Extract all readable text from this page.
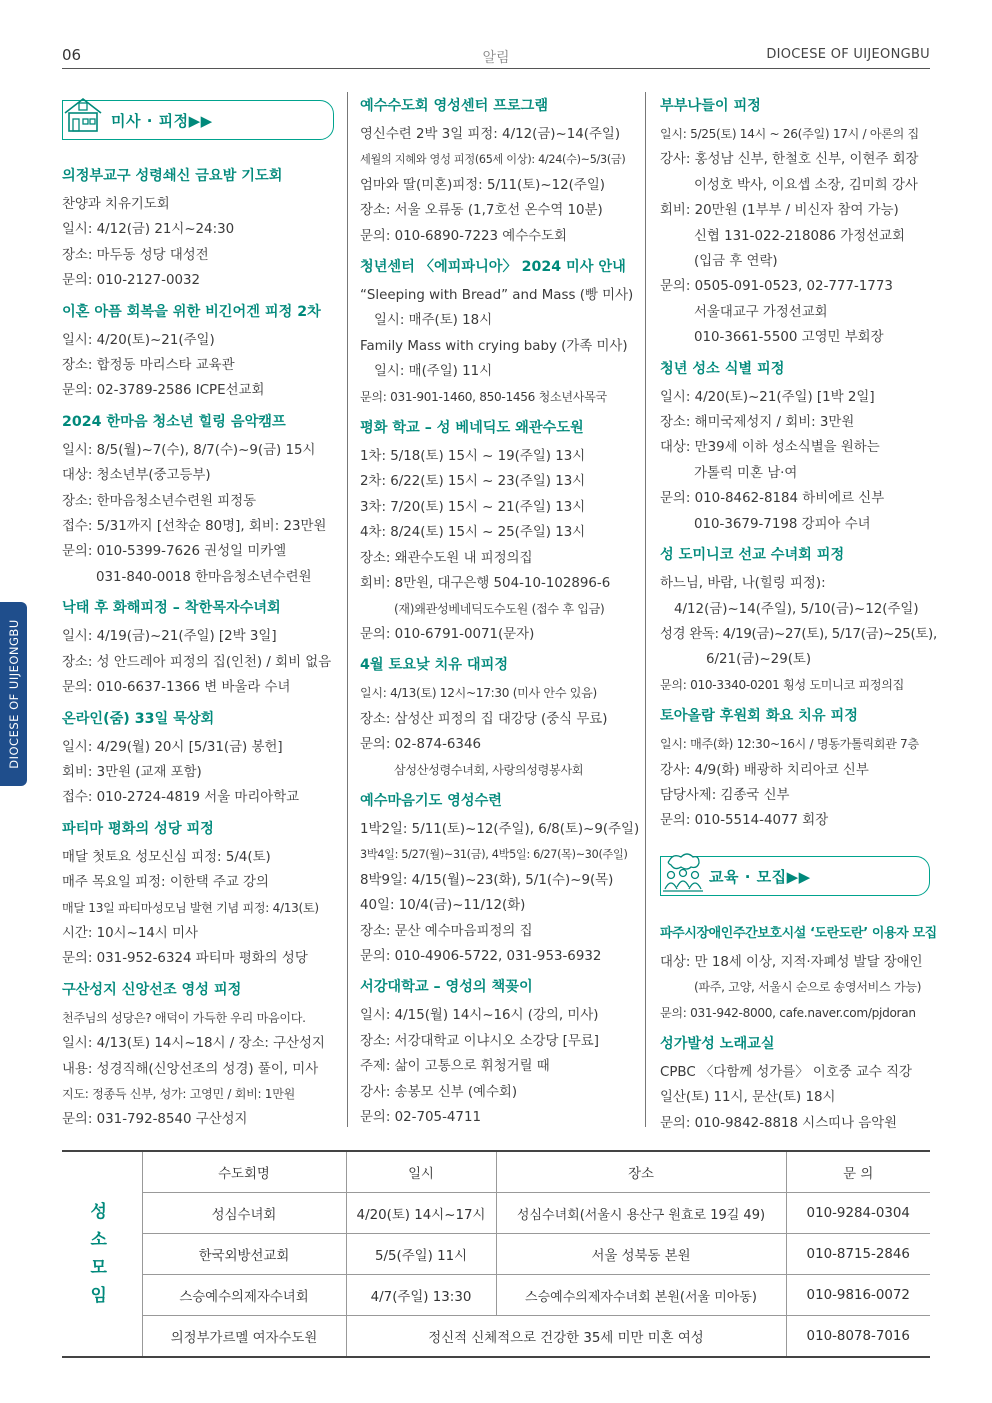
06	알림	DIOCESE OF UIJEONGBU
DIOCESE OF UIJEONGBU
미사 · 피정▶▶
의정부교구 성령쇄신 금요밤 기도회
찬양과 치유기도회
일시: 4/12(금) 21시~24:30
장소: 마두동 성당 대성전
문의: 010-2127-0032
이혼 아픔 회복을 위한 비긴어겐 피정 2차
일시: 4/20(토)~21(주일)
장소: 합정동 마리스타 교육관
문의: 02-3789-2586 ICPE선교회
2024 한마음 청소년 힐링 음악캠프
일시: 8/5(월)~7(수), 8/7(수)~9(금) 15시
대상: 청소년부(중고등부)
장소: 한마음청소년수련원 피정동
접수: 5/31까지 [선착순 80명], 회비: 23만원
문의: 010-5399-7626 권성일 미카엘
031-840-0018 한마음청소년수련원
낙태 후 화해피정 – 착한목자수녀회
일시: 4/19(금)~21(주일) [2박 3일]
장소: 성 안드레아 피정의 집(인천) / 회비 없음
문의: 010-6637-1366 변 바울라 수녀
온라인(줌) 33일 묵상회
일시: 4/29(월) 20시 [5/31(금) 봉헌]
회비: 3만원 (교재 포함)
접수: 010-2724-4819 서울 마리아학교
파티마 평화의 성당 피정
매달 첫토요 성모신심 피정: 5/4(토)
매주 목요일 피정: 이한택 주교 강의
매달 13일 파티마성모님 발현 기념 피정: 4/13(토)
시간: 10시~14시 미사
문의: 031-952-6324 파티마 평화의 성당
구산성지 신앙선조 영성 피정
천주님의 성당은? 애덕이 가득한 우리 마음이다.
일시: 4/13(토) 14시~18시 / 장소: 구산성지
내용: 성경직해(신앙선조의 성경) 풀이, 미사
지도: 정종득 신부, 성가: 고영민 / 회비: 1만원
문의: 031-792-8540 구산성지
예수수도회 영성센터 프로그램
영신수련 2박 3일 피정: 4/12(금)~14(주일)
세월의 지혜와 영성 피정(65세 이상): 4/24(수)~5/3(금)
엄마와 딸(미혼)피정: 5/11(토)~12(주일)
장소: 서울 오류동 (1,7호선 온수역 10분)
문의: 010-6890-7223 예수수도회
청년센터 〈에피파니아〉 2024 미사 안내
“Sleeping with Bread” and Mass (빵 미사)
일시: 매주(토) 18시
Family Mass with crying baby (가족 미사)
일시: 매(주일) 11시
문의: 031-901-1460, 850-1456 청소년사목국
평화 학교 – 성 베네딕도 왜관수도원
1차: 5/18(토) 15시 ~ 19(주일) 13시
2차: 6/22(토) 15시 ~ 23(주일) 13시
3차: 7/20(토) 15시 ~ 21(주일) 13시
4차: 8/24(토) 15시 ~ 25(주일) 13시
장소: 왜관수도원 내 피정의집
회비: 8만원, 대구은행 504-10-102896-6
(재)왜관성베네딕도수도원 (접수 후 입금)
문의: 010-6791-0071(문자)
4월 토요낮 치유 대피정
일시: 4/13(토) 12시~17:30 (미사 안수 있음)
장소: 삼성산 피정의 집 대강당 (중식 무료)
문의: 02-874-6346
삼성산성령수녀회, 사랑의성령봉사회
예수마음기도 영성수련
1박2일: 5/11(토)~12(주일), 6/8(토)~9(주일)
3박4일: 5/27(월)~31(금), 4박5일: 6/27(목)~30(주일)
8박9일: 4/15(월)~23(화), 5/1(수)~9(목)
40일: 10/4(금)~11/12(화)
장소: 문산 예수마음피정의 집
문의: 010-4906-5722, 031-953-6932
서강대학교 – 영성의 책꽂이
일시: 4/15(월) 14시~16시 (강의, 미사)
장소: 서강대학교 이냐시오 소강당 [무료]
주제: 삶이 고통으로 휘청거릴 때
강사: 송봉모 신부 (예수회)
문의: 02-705-4711
부부나들이 피정
일시: 5/25(토) 14시 ~ 26(주일) 17시 / 아론의 집
강사: 홍성남 신부, 한철호 신부, 이현주 회장
이성호 박사, 이요셉 소장, 김미희 강사
회비: 20만원 (1부부 / 비신자 참여 가능)
신협 131-022-218086 가정선교회
(입금 후 연락)
문의: 0505-091-0523, 02-777-1773
서울대교구 가정선교회
010-3661-5500 고영민 부회장
청년 성소 식별 피정
일시: 4/20(토)~21(주일) [1박 2일]
장소: 해미국제성지 / 회비: 3만원
대상: 만39세 이하 성소식별을 원하는
가톨릭 미혼 남·여
문의: 010-8462-8184 하비에르 신부
010-3679-7198 강피아 수녀
성 도미니코 선교 수녀회 피정
하느님, 바람, 나(힐링 피정):
4/12(금)~14(주일), 5/10(금)~12(주일)
성경 완독: 4/19(금)~27(토), 5/17(금)~25(토),
6/21(금)~29(토)
문의: 010-3340-0201 횡성 도미니코 피정의집
토아올람 후원회 화요 치유 피정
일시: 매주(화) 12:30~16시 / 명동가톨릭회관 7층
강사: 4/9(화) 배광하 치리아코 신부
담당사제: 김종국 신부
문의: 010-5514-4077 회장
교육 · 모집▶▶
파주시장애인주간보호시설 ‘도란도란’ 이용자 모집
대상: 만 18세 이상, 지적·자폐성 발달 장애인
(파주, 고양, 서울시 순으로 송영서비스 가능)
문의: 031-942-8000, cafe.naver.com/pjdoran
성가발성 노래교실
CPBC 〈다함께 성가를〉 이호중 교수 직강
일산(토) 11시, 문산(토) 18시
문의: 010-9842-8818 시스띠나 음악원
성 소 모 임	수도회명	일시	장소	문 의
	성심수녀회	4/20(토) 14시~17시	성심수녀회(서울시 용산구 원효로 19길 49)	010-9284-0304
	한국외방선교회	5/5(주일) 11시	서울 성북동 본원	010-8715-2846
	스승예수의제자수녀회	4/7(주일) 13:30	스승예수의제자수녀회 본원(서울 미아동)	010-9816-0072
	의정부가르멜 여자수도원	정신적 신체적으로 건강한 35세 미만 미혼 여성		010-8078-7016
